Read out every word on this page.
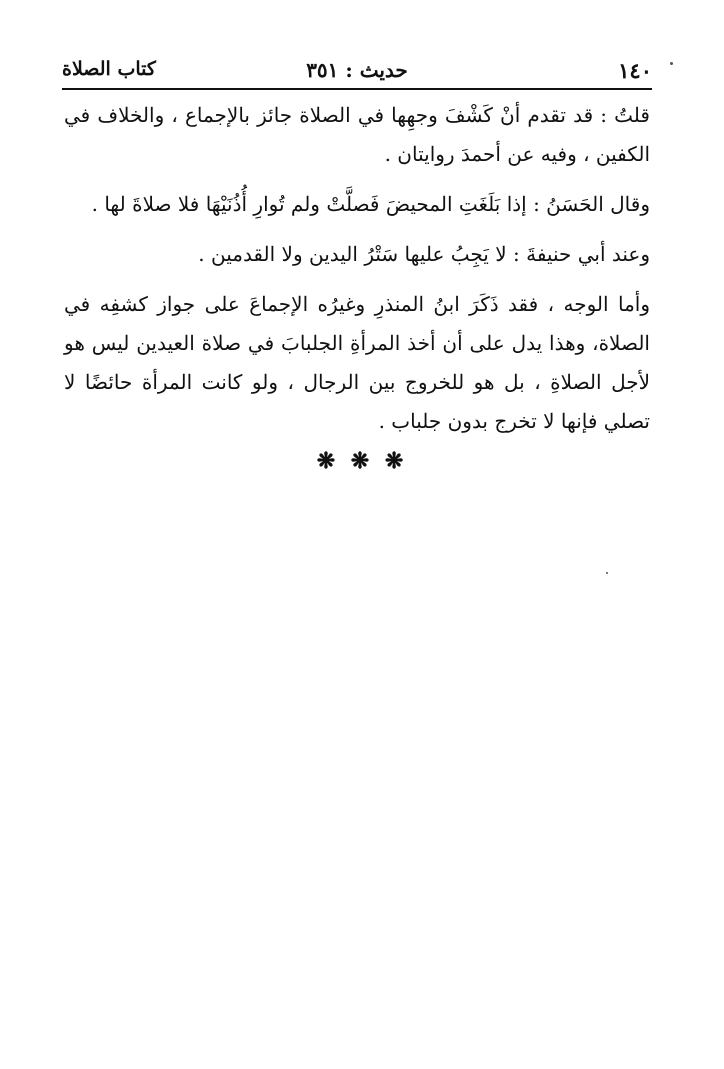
١٤٠
حديث : ٣٥١
كتاب الصلاة

قلتُ : قد تقدم أنْ كَشْفَ وجهِها في الصلاة جائز بالإجماع ، والخلاف في الكفين ، وفيه عن أحمدَ روايتان .

وقال الحَسَنُ : إذا بَلَغَتِ المحيضَ فَصلَّتْ ولم تُوارِ أُذُنَيْهَا فلا صلاةَ لها .

وعند أبي حنيفةَ : لا يَجِبُ عليها سَتْرُ اليدين ولا القدمين .

وأما الوجه ، فقد ذَكَرَ ابنُ المنذرِ وغيرُه الإجماعَ على جواز كشفِه في الصلاة، وهذا يدل على أن أخذ المرأةِ الجلبابَ في صلاة العيدين ليس هو لأجل الصلاةِ ، بل هو للخروج بين الرجال ، ولو كانت المرأة حائضًا لا تصلي فإنها لا تخرج بدون جلباب .

❋ ❋ ❋
